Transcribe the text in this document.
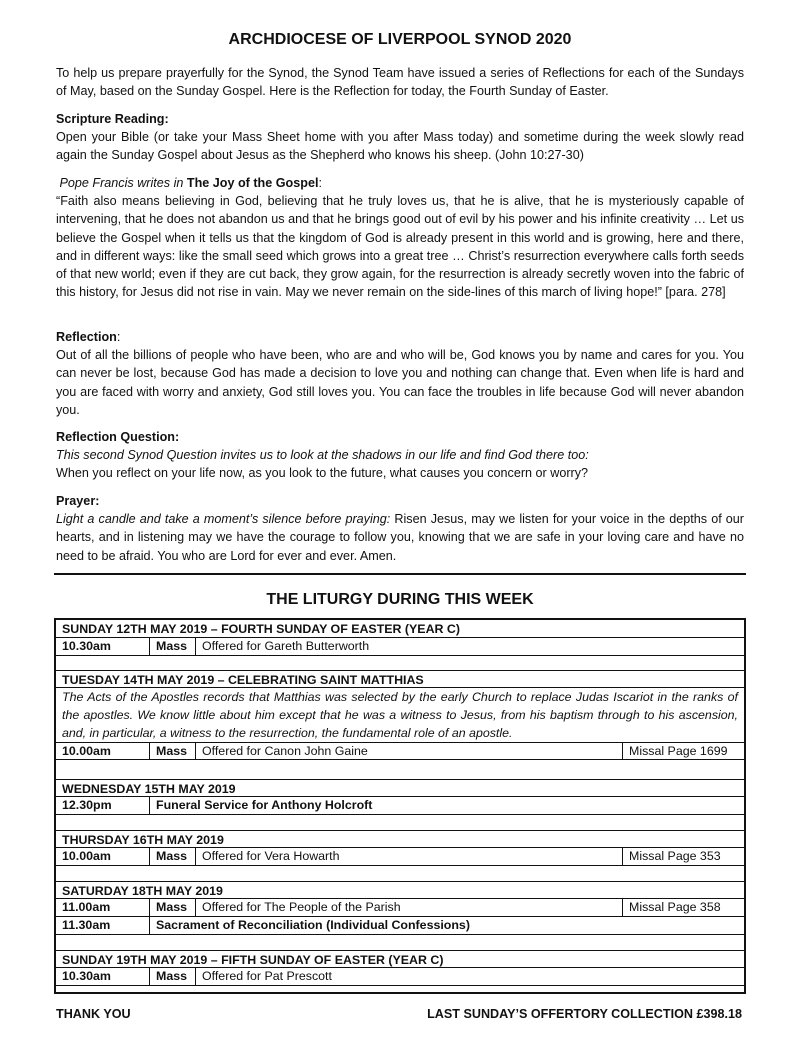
ARCHDIOCESE OF LIVERPOOL SYNOD 2020

To help us prepare prayerfully for the Synod, the Synod Team have issued a series of Reflections for each of the Sundays of May, based on the Sunday Gospel. Here is the Reflection for today, the Fourth Sunday of Easter.

Scripture Reading:

Open your Bible (or take your Mass Sheet home with you after Mass today) and sometime during the week slowly read again the Sunday Gospel about Jesus as the Shepherd who knows his sheep. (John 10:27-30)

Pope Francis writes in The Joy of the Gospel:

“Faith also means believing in God, believing that he truly loves us, that he is alive, that he is mysteriously capable of intervening, that he does not abandon us and that he brings good out of evil by his power and his infinite creativity … Let us believe the Gospel when it tells us that the kingdom of God is already present in this world and is growing, here and there, and in different ways: like the small seed which grows into a great tree … Christ’s resurrection everywhere calls forth seeds of that new world; even if they are cut back, they grow again, for the resurrection is already secretly woven into the fabric of this history, for Jesus did not rise in vain. May we never remain on the side-lines of this march of living hope!” [para. 278]

Reflection:

Out of all the billions of people who have been, who are and who will be, God knows you by name and cares for you. You can never be lost, because God has made a decision to love you and nothing can change that. Even when life is hard and you are faced with worry and anxiety, God still loves you. You can face the troubles in life because God will never abandon you.

Reflection Question:

This second Synod Question invites us to look at the shadows in our life and find God there too:

When you reflect on your life now, as you look to the future, what causes you concern or worry?

Prayer:

Light a candle and take a moment’s silence before praying: Risen Jesus, may we listen for your voice in the depths of our hearts, and in listening may we have the courage to follow you, knowing that we are safe in your loving care and have no need to be afraid. You who are Lord for ever and ever. Amen.

THE LITURGY DURING THIS WEEK
SUNDAY 12TH MAY 2019 – FOURTH SUNDAY OF EASTER (YEAR C)
10.30am	Mass	Offered for Gareth Butterworth
TUESDAY 14TH MAY 2019 – CELEBRATING SAINT MATTHIAS
The Acts of the Apostles records that Matthias was selected by the early Church to replace Judas Iscariot in the ranks of the apostles. We know little about him except that he was a witness to Jesus, from his baptism through to his ascension, and, in particular, a witness to the resurrection, the fundamental role of an apostle.
10.00am	Mass	Offered for Canon John Gaine	Missal Page 1699
WEDNESDAY 15TH MAY 2019
12.30pm	Funeral Service for Anthony Holcroft
THURSDAY 16TH MAY 2019
10.00am	Mass	Offered for Vera Howarth	Missal Page 353
SATURDAY 18TH MAY 2019
11.00am	Mass	Offered for The People of the Parish	Missal Page 358
11.30am	Sacrament of Reconciliation (Individual Confessions)
SUNDAY 19TH MAY 2019 – FIFTH SUNDAY OF EASTER (YEAR C)
10.30am	Mass	Offered for Pat Prescott
THANK YOU	LAST SUNDAY’S OFFERTORY COLLECTION £398.18
